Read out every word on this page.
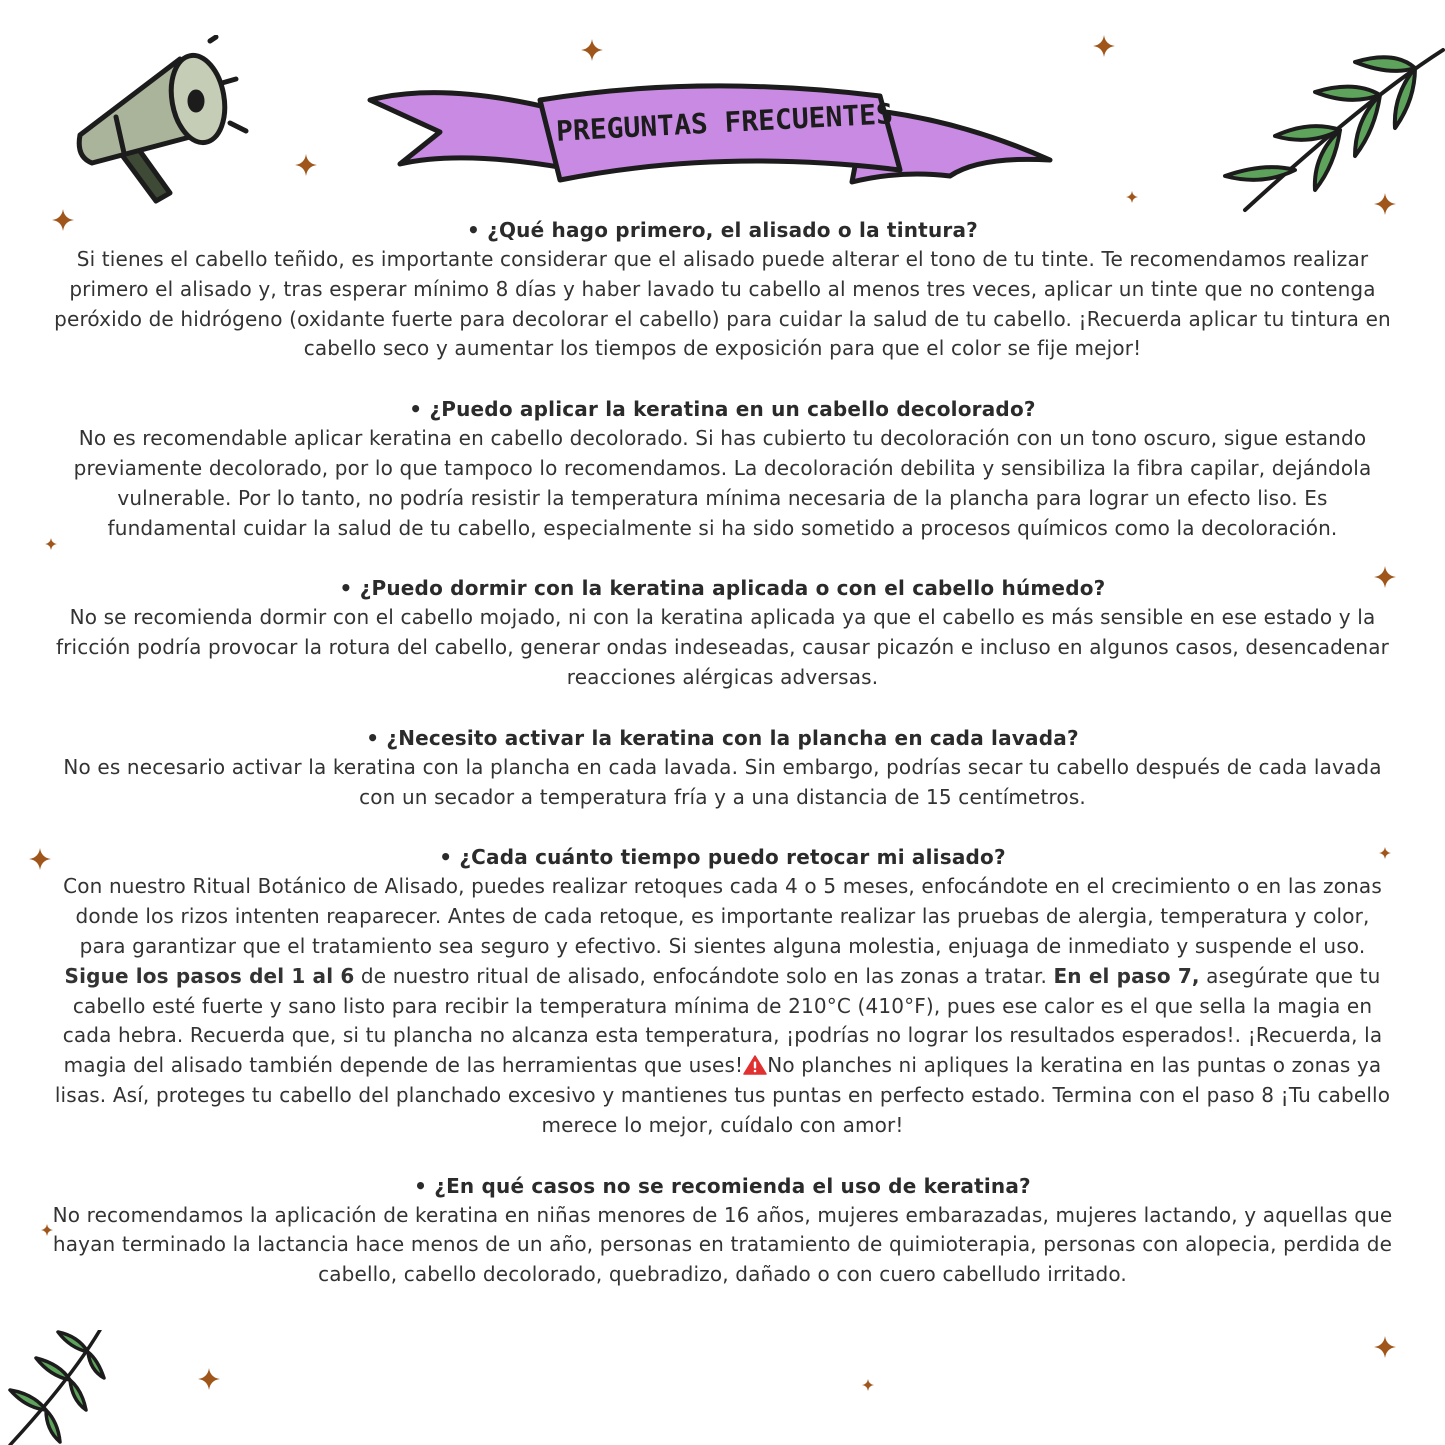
PREGUNTAS FRECUENTES

• ¿Qué hago primero, el alisado o la tintura?

Si tienes el cabello teñido, es importante considerar que el alisado puede alterar el tono de tu tinte. Te recomendamos realizar primero el alisado y, tras esperar mínimo 8 días y haber lavado tu cabello al menos tres veces, aplicar un tinte que no contenga peróxido de hidrógeno (oxidante fuerte para decolorar el cabello) para cuidar la salud de tu cabello. ¡Recuerda aplicar tu tintura en cabello seco y aumentar los tiempos de exposición para que el color se fije mejor!

• ¿Puedo aplicar la keratina en un cabello decolorado?

No es recomendable aplicar keratina en cabello decolorado. Si has cubierto tu decoloración con un tono oscuro, sigue estando previamente decolorado, por lo que tampoco lo recomendamos. La decoloración debilita y sensibiliza la fibra capilar, dejándola vulnerable. Por lo tanto, no podría resistir la temperatura mínima necesaria de la plancha para lograr un efecto liso. Es fundamental cuidar la salud de tu cabello, especialmente si ha sido sometido a procesos químicos como la decoloración.

• ¿Puedo dormir con la keratina aplicada o con el cabello húmedo?

No se recomienda dormir con el cabello mojado, ni con la keratina aplicada ya que el cabello es más sensible en ese estado y la fricción podría provocar la rotura del cabello, generar ondas indeseadas, causar picazón e incluso en algunos casos, desencadenar reacciones alérgicas adversas.

• ¿Necesito activar la keratina con la plancha en cada lavada?

No es necesario activar la keratina con la plancha en cada lavada. Sin embargo, podrías secar tu cabello después de cada lavada con un secador a temperatura fría y a una distancia de 15 centímetros.

• ¿Cada cuánto tiempo puedo retocar mi alisado?

Con nuestro Ritual Botánico de Alisado, puedes realizar retoques cada 4 o 5 meses, enfocándote en el crecimiento o en las zonas donde los rizos intenten reaparecer. Antes de cada retoque, es importante realizar las pruebas de alergia, temperatura y color, para garantizar que el tratamiento sea seguro y efectivo. Si sientes alguna molestia, enjuaga de inmediato y suspende el uso.

Sigue los pasos del 1 al 6 de nuestro ritual de alisado, enfocándote solo en las zonas a tratar. En el paso 7, asegúrate que tu cabello esté fuerte y sano listo para recibir la temperatura mínima de 210°C (410°F), pues ese calor es el que sella la magia en cada hebra. Recuerda que, si tu plancha no alcanza esta temperatura, ¡podrías no lograr los resultados esperados!. ¡Recuerda, la magia del alisado también depende de las herramientas que uses! No planches ni apliques la keratina en las puntas o zonas ya lisas. Así, proteges tu cabello del planchado excesivo y mantienes tus puntas en perfecto estado. Termina con el paso 8 ¡Tu cabello merece lo mejor, cuídalo con amor!

• ¿En qué casos no se recomienda el uso de keratina?

No recomendamos la aplicación de keratina en niñas menores de 16 años, mujeres embarazadas, mujeres lactando, y aquellas que hayan terminado la lactancia hace menos de un año, personas en tratamiento de quimioterapia, personas con alopecia, perdida de cabello, cabello decolorado, quebradizo, dañado o con cuero cabelludo irritado.
